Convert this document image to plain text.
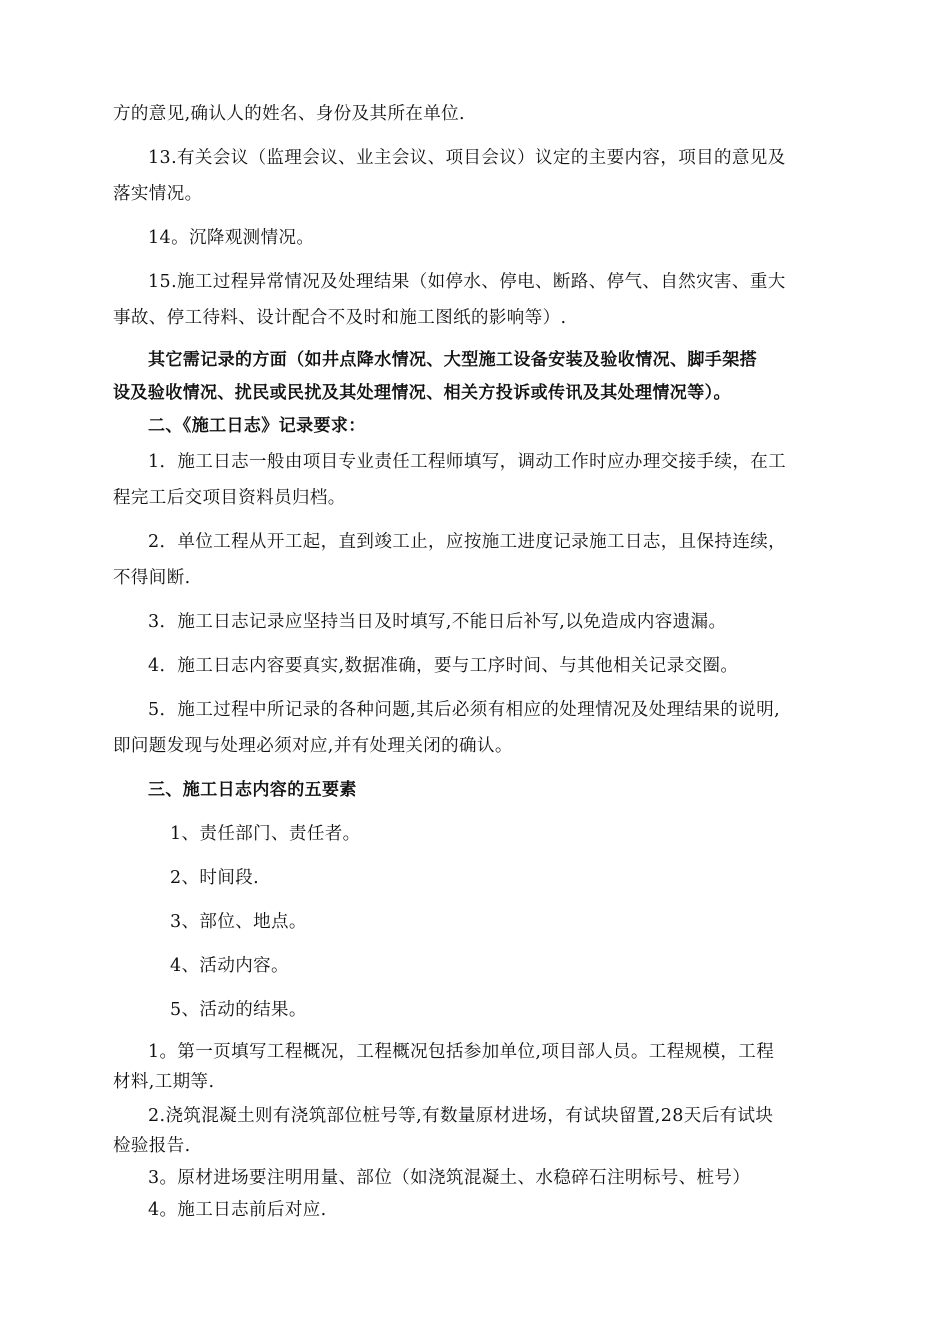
方的意见,确认人的姓名、身份及其所在单位.
13.有关会议（监理会议、业主会议、项目会议）议定的主要内容，项目的意见及
落实情况。
14。沉降观测情况。
15.施工过程异常情况及处理结果（如停水、停电、断路、停气、自然灾害、重大
事故、停工待料、设计配合不及时和施工图纸的影响等）.
其它需记录的方面（如井点降水情况、大型施工设备安装及验收情况、脚手架搭
设及验收情况、扰民或民扰及其处理情况、相关方投诉或传讯及其处理情况等）。
二、《施工日志》记录要求：
1．施工日志一般由项目专业责任工程师填写，调动工作时应办理交接手续，在工
程完工后交项目资料员归档。
2．单位工程从开工起，直到竣工止，应按施工进度记录施工日志，且保持连续，
不得间断.
3．施工日志记录应坚持当日及时填写,不能日后补写,以免造成内容遗漏。
4．施工日志内容要真实,数据准确，要与工序时间、与其他相关记录交圈。
5．施工过程中所记录的各种问题,其后必须有相应的处理情况及处理结果的说明,
即问题发现与处理必须对应,并有处理关闭的确认。
三、施工日志内容的五要素
1、责任部门、责任者。
2、时间段.
3、部位、地点。
4、活动内容。
5、活动的结果。
1。第一页填写工程概况，工程概况包括参加单位,项目部人员。工程规模，工程
材料,工期等.
2.浇筑混凝土则有浇筑部位桩号等,有数量原材进场，有试块留置,28天后有试块
检验报告.
3。原材进场要注明用量、部位（如浇筑混凝土、水稳碎石注明标号、桩号）
4。施工日志前后对应.
